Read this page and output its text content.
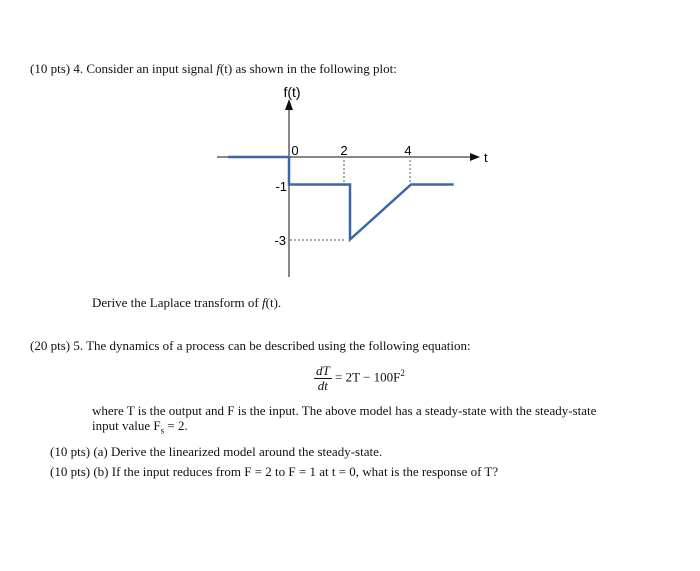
(10 pts) 4. Consider an input signal f(t) as shown in the following plot:
f(t)
t
0	2	4
-1
-3
Derive the Laplace transform of f(t).
(20 pts) 5. The dynamics of a process can be described using the following equation:
$\frac{dT}{dt} = 2T - 100F^2$
where T is the output and F is the input. The above model has a steady-state with the steady-state
input value $F_s = 2$.
(10 pts) (a) Derive the linearized model around the steady-state.
(10 pts) (b) If the input reduces from F = 2 to F = 1 at t = 0, what is the response of T?
